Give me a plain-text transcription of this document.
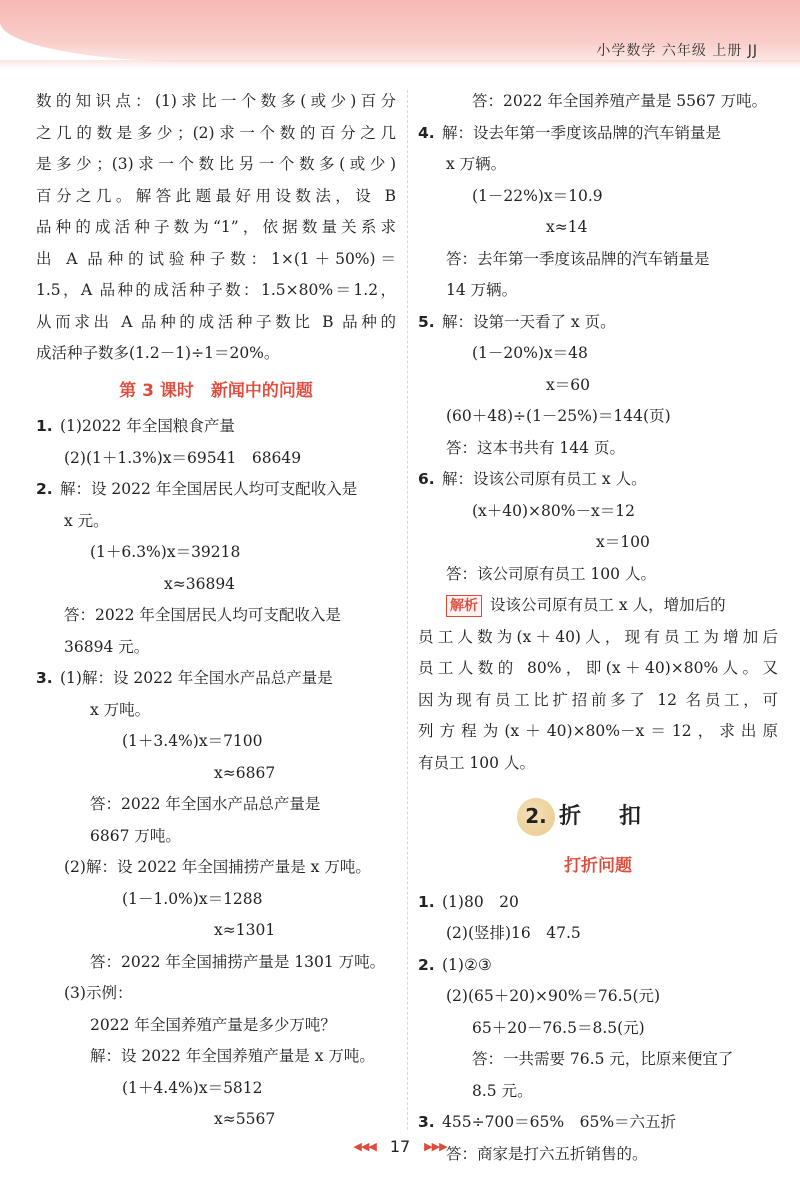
小学数学 六年级 上册 JJ
数的知识点：(1)求比一个数多(或少)百分
之几的数是多少；(2)求一个数的百分之几
是多少；(3)求一个数比另一个数多(或少)
百分之几。解答此题最好用设数法，设 B
品种的成活种子数为“1”，依据数量关系求
出 A 品种的试验种子数：1×(1＋50%)＝
1.5，A 品种的成活种子数：1.5×80%＝1.2，
从而求出 A 品种的成活种子数比 B 品种的
成活种子数多(1.2－1)÷1＝20%。
第 3 课时　新闻中的问题
1. (1)2022 年全国粮食产量
(2)(1＋1.3%)x＝69541　68649
2. 解：设 2022 年全国居民人均可支配收入是
x 元。
(1＋6.3%)x＝39218
x≈36894
答：2022 年全国居民人均可支配收入是
36894 元。
3. (1)解：设 2022 年全国水产品总产量是
x 万吨。
(1＋3.4%)x＝7100
x≈6867
答：2022 年全国水产品总产量是
6867 万吨。
(2)解：设 2022 年全国捕捞产量是 x 万吨。
(1－1.0%)x＝1288
x≈1301
答：2022 年全国捕捞产量是 1301 万吨。
(3)示例：
2022 年全国养殖产量是多少万吨？
解：设 2022 年全国养殖产量是 x 万吨。
(1＋4.4%)x＝5812
x≈5567
答：2022 年全国养殖产量是 5567 万吨。
4. 解：设去年第一季度该品牌的汽车销量是
x 万辆。
(1－22%)x＝10.9
x≈14
答：去年第一季度该品牌的汽车销量是
14 万辆。
5. 解：设第一天看了 x 页。
(1－20%)x＝48
x＝60
(60＋48)÷(1－25%)＝144(页)
答：这本书共有 144 页。
6. 解：设该公司原有员工 x 人。
(x＋40)×80%－x＝12
x＝100
答：该公司原有员工 100 人。
解析 设该公司原有员工 x 人，增加后的
员工人数为(x＋40)人，现有员工为增加后
员工人数的 80%，即(x＋40)×80%人。又
因为现有员工比扩招前多了 12 名员工，可
列方程为(x＋40)×80%－x＝12，求出原
有员工 100 人。
2. 折扣
打折问题
1. (1)80　20
(2)(竖排)16　47.5
2. (1)②③
(2)(65＋20)×90%＝76.5(元)
65＋20－76.5＝8.5(元)
答：一共需要 76.5 元，比原来便宜了
8.5 元。
3. 455÷700＝65%　65%＝六五折
答：商家是打六五折销售的。
◀◀◀ 17 ▶▶▶
